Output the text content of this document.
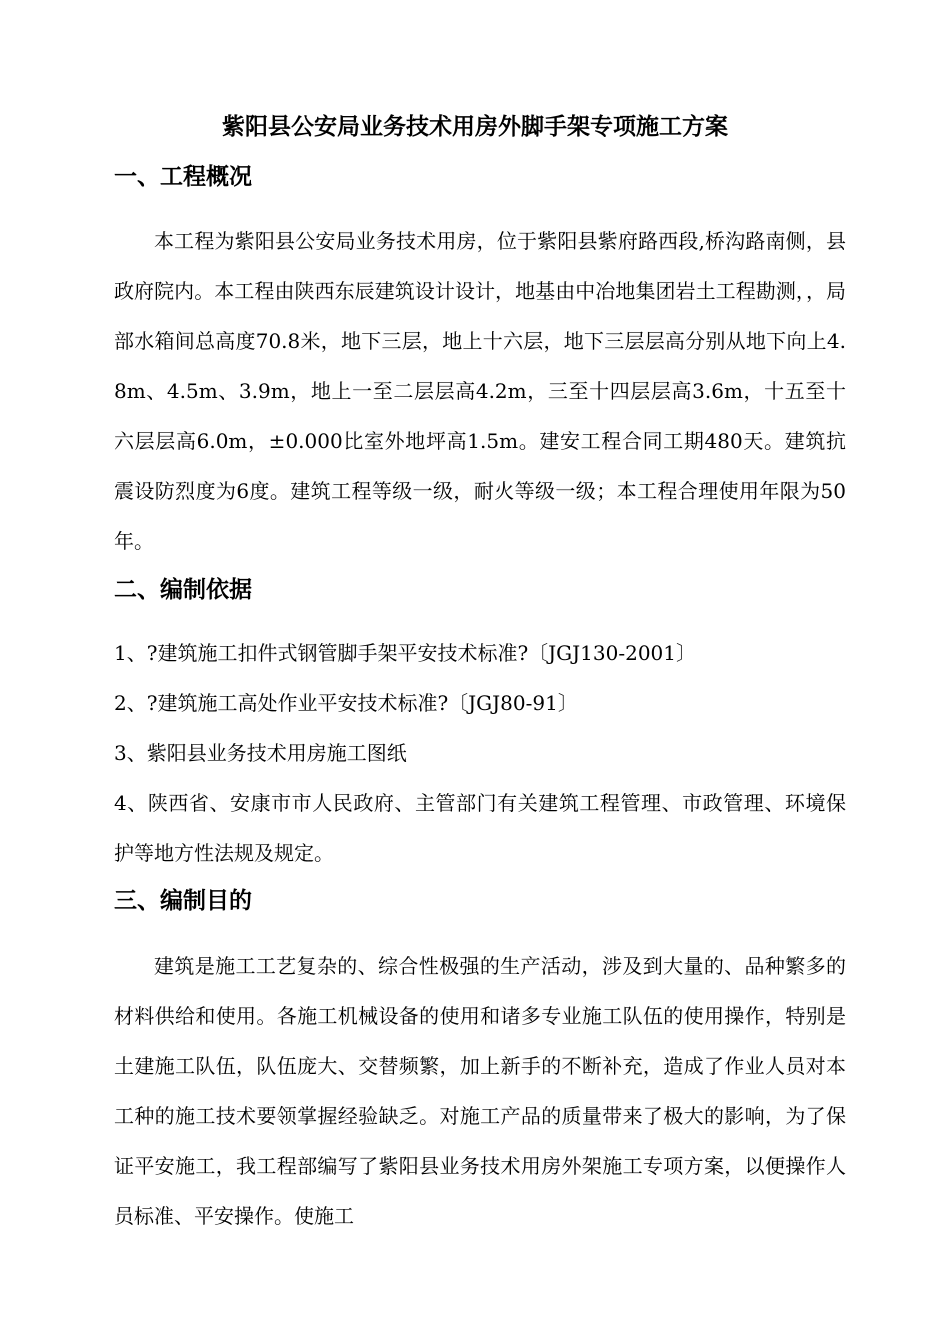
紫阳县公安局业务技术用房外脚手架专项施工方案
一、工程概况
本工程为紫阳县公安局业务技术用房，位于紫阳县紫府路西段,桥沟路南侧，县政府院内。本工程由陕西东辰建筑设计设计，地基由中冶地集团岩土工程勘测，，局部水箱间总高度70.8米，地下三层，地上十六层，地下三层层高分别从地下向上4.8m、4.5m、3.9m，地上一至二层层高4.2m，三至十四层层高3.6m，十五至十六层层高6.0m，±0.000比室外地坪高1.5m。建安工程合同工期480天。建筑抗震设防烈度为6度。建筑工程等级一级，耐火等级一级；本工程合理使用年限为50年。
二、编制依据
1、?建筑施工扣件式钢管脚手架平安技术标准?〔JGJ130-2001〕
2、?建筑施工高处作业平安技术标准?〔JGJ80-91〕
3、紫阳县业务技术用房施工图纸
4、陕西省、安康市市人民政府、主管部门有关建筑工程管理、市政管理、环境保护等地方性法规及规定。
三、编制目的
建筑是施工工艺复杂的、综合性极强的生产活动，涉及到大量的、品种繁多的材料供给和使用。各施工机械设备的使用和诸多专业施工队伍的使用操作，特别是土建施工队伍，队伍庞大、交替频繁，加上新手的不断补充，造成了作业人员对本工种的施工技术要领掌握经验缺乏。对施工产品的质量带来了极大的影响，为了保证平安施工，我工程部编写了紫阳县业务技术用房外架施工专项方案，以便操作人员标准、平安操作。使施工
